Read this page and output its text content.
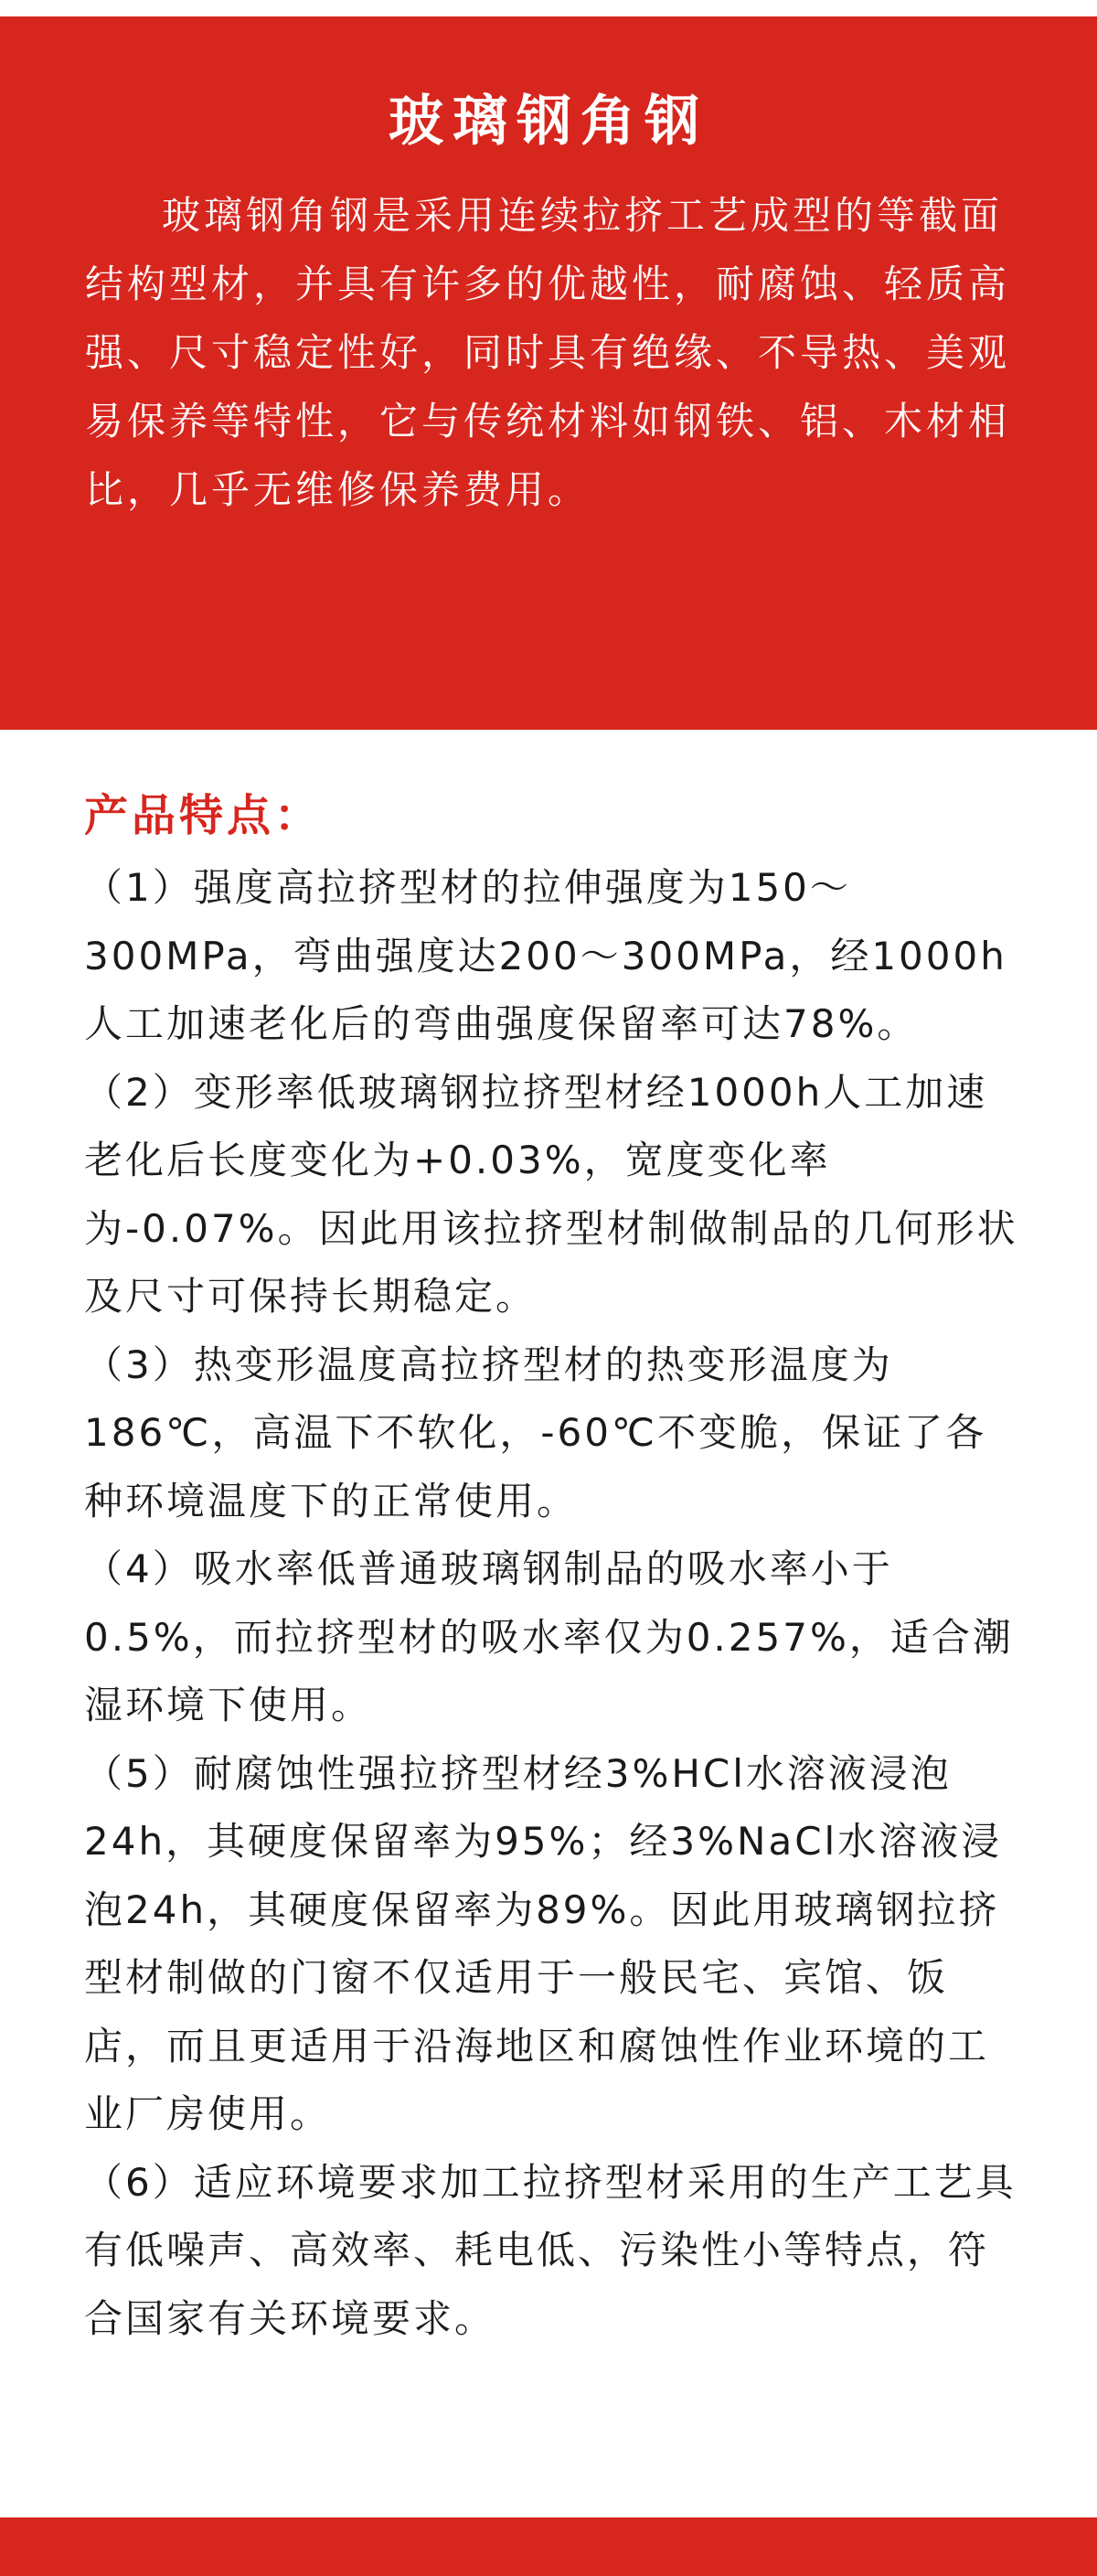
玻璃钢角钢

玻璃钢角钢是采用连续拉挤工艺成型的等截面结构型材，并具有许多的优越性，耐腐蚀、轻质高强、尺寸稳定性好，同时具有绝缘、不导热、美观易保养等特性，它与传统材料如钢铁、铝、木材相比，几乎无维修保养费用。

产品特点：

（1）强度高拉挤型材的拉伸强度为150～300MPa，弯曲强度达200～300MPa，经1000h人工加速老化后的弯曲强度保留率可达78%。

（2）变形率低玻璃钢拉挤型材经1000h人工加速老化后长度变化为+0.03%，宽度变化率为-0.07%。因此用该拉挤型材制做制品的几何形状及尺寸可保持长期稳定。

（3）热变形温度高拉挤型材的热变形温度为186℃，高温下不软化，-60℃不变脆，保证了各种环境温度下的正常使用。

（4）吸水率低普通玻璃钢制品的吸水率小于0.5%，而拉挤型材的吸水率仅为0.257%，适合潮湿环境下使用。

（5）耐腐蚀性强拉挤型材经3%HCl水溶液浸泡24h，其硬度保留率为95%；经3%NaCl水溶液浸泡24h，其硬度保留率为89%。因此用玻璃钢拉挤型材制做的门窗不仅适用于一般民宅、宾馆、饭店，而且更适用于沿海地区和腐蚀性作业环境的工业厂房使用。

（6）适应环境要求加工拉挤型材采用的生产工艺具有低噪声、高效率、耗电低、污染性小等特点，符合国家有关环境要求。
